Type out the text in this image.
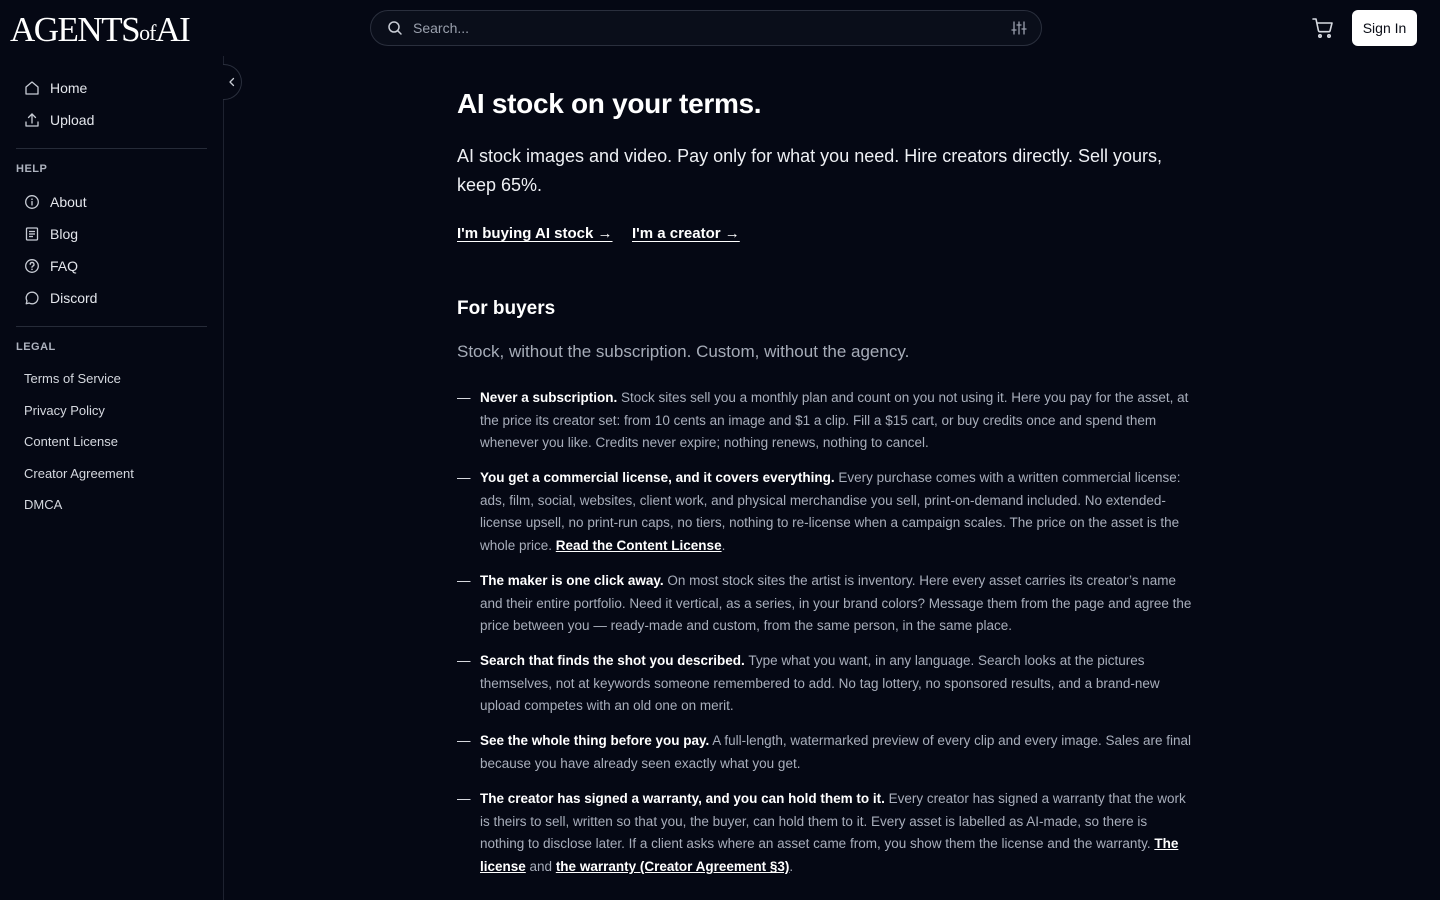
AGENTS of AI
Search...	Sign In
Home
Upload
HELP
About
Blog
FAQ
Discord
LEGAL
Terms of Service
Privacy Policy
Content License
Creator Agreement
DMCA
AI stock on your terms.

AI stock images and video. Pay only for what you need. Hire creators directly. Sell yours, keep 65%.

I'm buying AI stock → I'm a creator →
For buyers

Stock, without the subscription. Custom, without the agency.

— Never a subscription. Stock sites sell you a monthly plan and count on you not using it. Here you pay for the asset, at the price its creator set: from 10 cents an image and $1 a clip. Fill a $15 cart, or buy credits once and spend them whenever you like. Credits never expire; nothing renews, nothing to cancel.
— You get a commercial license, and it covers everything. Every purchase comes with a written commercial license: ads, film, social, websites, client work, and physical merchandise you sell, print-on-demand included. No extended-license upsell, no print-run caps, no tiers, nothing to re-license when a campaign scales. The price on the asset is the whole price. Read the Content License.
— The maker is one click away. On most stock sites the artist is inventory. Here every asset carries its creator’s name and their entire portfolio. Need it vertical, as a series, in your brand colors? Message them from the page and agree the price between you — ready-made and custom, from the same person, in the same place.
— Search that finds the shot you described. Type what you want, in any language. Search looks at the pictures themselves, not at keywords someone remembered to add. No tag lottery, no sponsored results, and a brand-new upload competes with an old one on merit.
— See the whole thing before you pay. A full-length, watermarked preview of every clip and every image. Sales are final because you have already seen exactly what you get.
— The creator has signed a warranty, and you can hold them to it. Every creator has signed a warranty that the work is theirs to sell, written so that you, the buyer, can hold them to it. Every asset is labelled as AI-made, so there is nothing to disclose later. If a client asks where an asset came from, you show them the license and the warranty. The license and the warranty (Creator Agreement §3).
